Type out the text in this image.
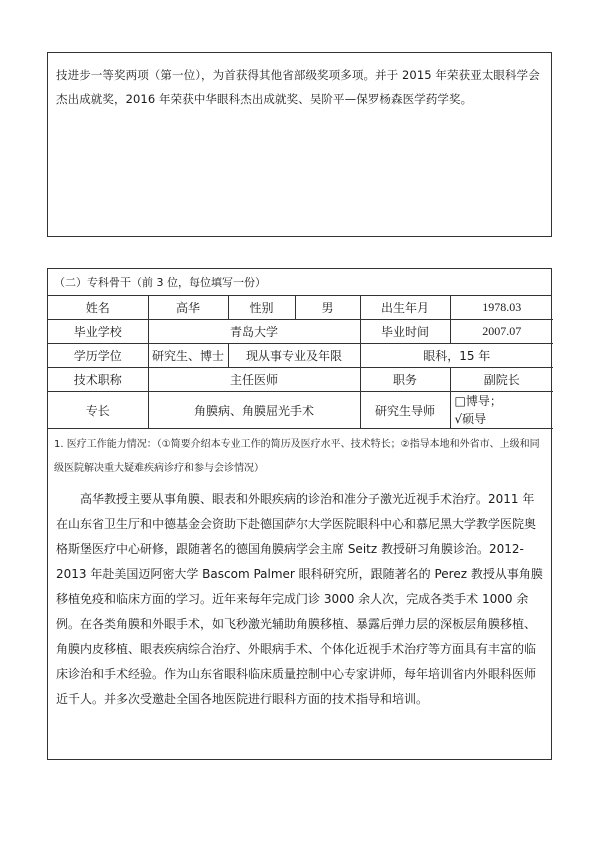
技进步一等奖两项（第一位），为首获得其他省部级奖项多项。并于 2015 年荣获亚太眼科学会杰出成就奖，2016 年荣获中华眼科杰出成就奖、吴阶平—保罗杨森医学药学奖。

（二）专科骨干（前 3 位，每位填写一份）
姓名	高华	性别	男	出生年月	1978.03
毕业学校	青岛大学			毕业时间	2007.07
学历学位	研究生、博士	现从事专业及年限		眼科，15 年	
技术职称	主任医师			职务	副院长
专长	角膜病、角膜屈光手术			研究生导师	□博导；
√硕导
1. 医疗工作能力情况：（①简要介绍本专业工作的简历及医疗水平、技术特长；②指导本地和外省市、上级和同级医院解决重大疑难疾病诊疗和参与会诊情况）

高华教授主要从事角膜、眼表和外眼疾病的诊治和准分子激光近视手术治疗。2011 年在山东省卫生厅和中德基金会资助下赴德国萨尔大学医院眼科中心和慕尼黑大学教学医院奥格斯堡医疗中心研修，跟随著名的德国角膜病学会主席 Seitz 教授研习角膜诊治。2012-2013 年赴美国迈阿密大学 Bascom Palmer 眼科研究所，跟随著名的 Perez 教授从事角膜移植免疫和临床方面的学习。近年来每年完成门诊 3000 余人次，完成各类手术 1000 余例。在各类角膜和外眼手术，如飞秒激光辅助角膜移植、暴露后弹力层的深板层角膜移植、角膜内皮移植、眼表疾病综合治疗、外眼病手术、个体化近视手术治疗等方面具有丰富的临床诊治和手术经验。作为山东省眼科临床质量控制中心专家讲师，每年培训省内外眼科医师近千人。并多次受邀赴全国各地医院进行眼科方面的技术指导和培训。
